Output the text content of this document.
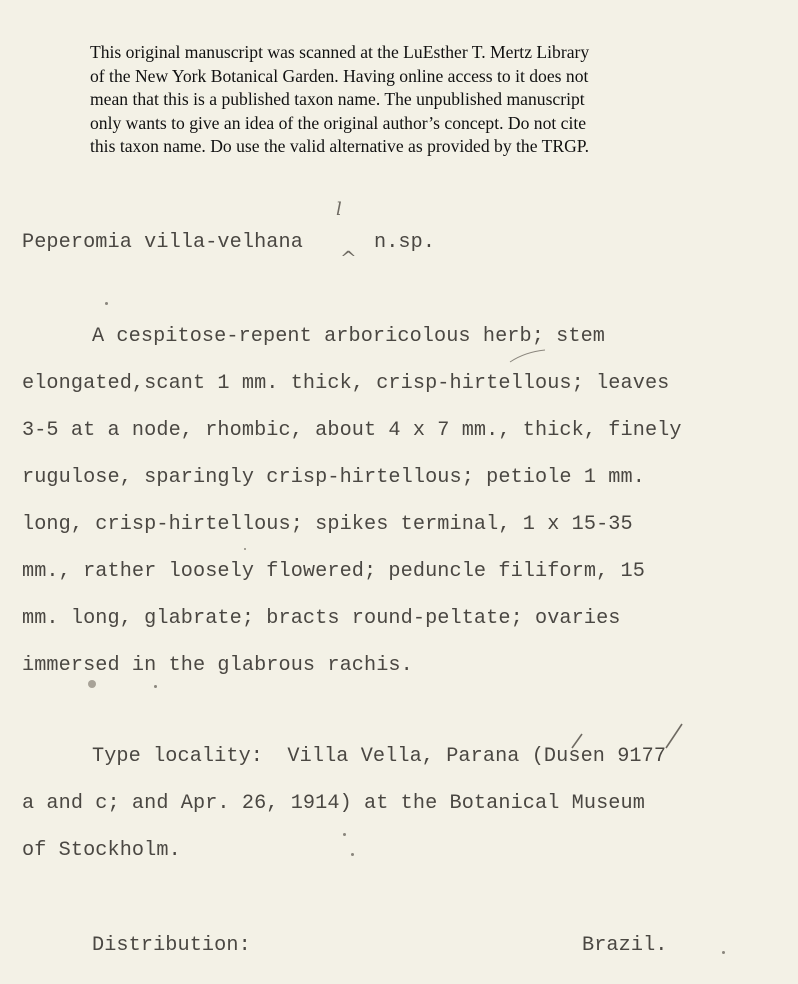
This original manuscript was scanned at the LuEsther T. Mertz Library

of the New York Botanical Garden. Having online access to it does not

mean that this is a published taxon name. The unpublished manuscript

only wants to give an idea of the original author’s concept. Do not cite

this taxon name. Do use the valid alternative as provided by the TRGP.

l
^
Peperomia villa-velhana	n.sp.
A cespitose-repent arboricolous herb; stem
elongated,scant 1 mm. thick, crisp-hirtellous; leaves
3-5 at a node, rhombic, about 4 x 7 mm., thick, finely
rugulose, sparingly crisp-hirtellous; petiole 1 mm.
long, crisp-hirtellous; spikes terminal, 1 x 15-35
mm., rather loosely flowered; peduncle filiform, 15
mm. long, glabrate; bracts round-peltate; ovaries
immersed in the glabrous rachis.
Type locality:  Villa Vella, Parana (Dusen 9177
a and c; and Apr. 26, 1914) at the Botanical Museum
of Stockholm.
Distribution:	Brazil.
